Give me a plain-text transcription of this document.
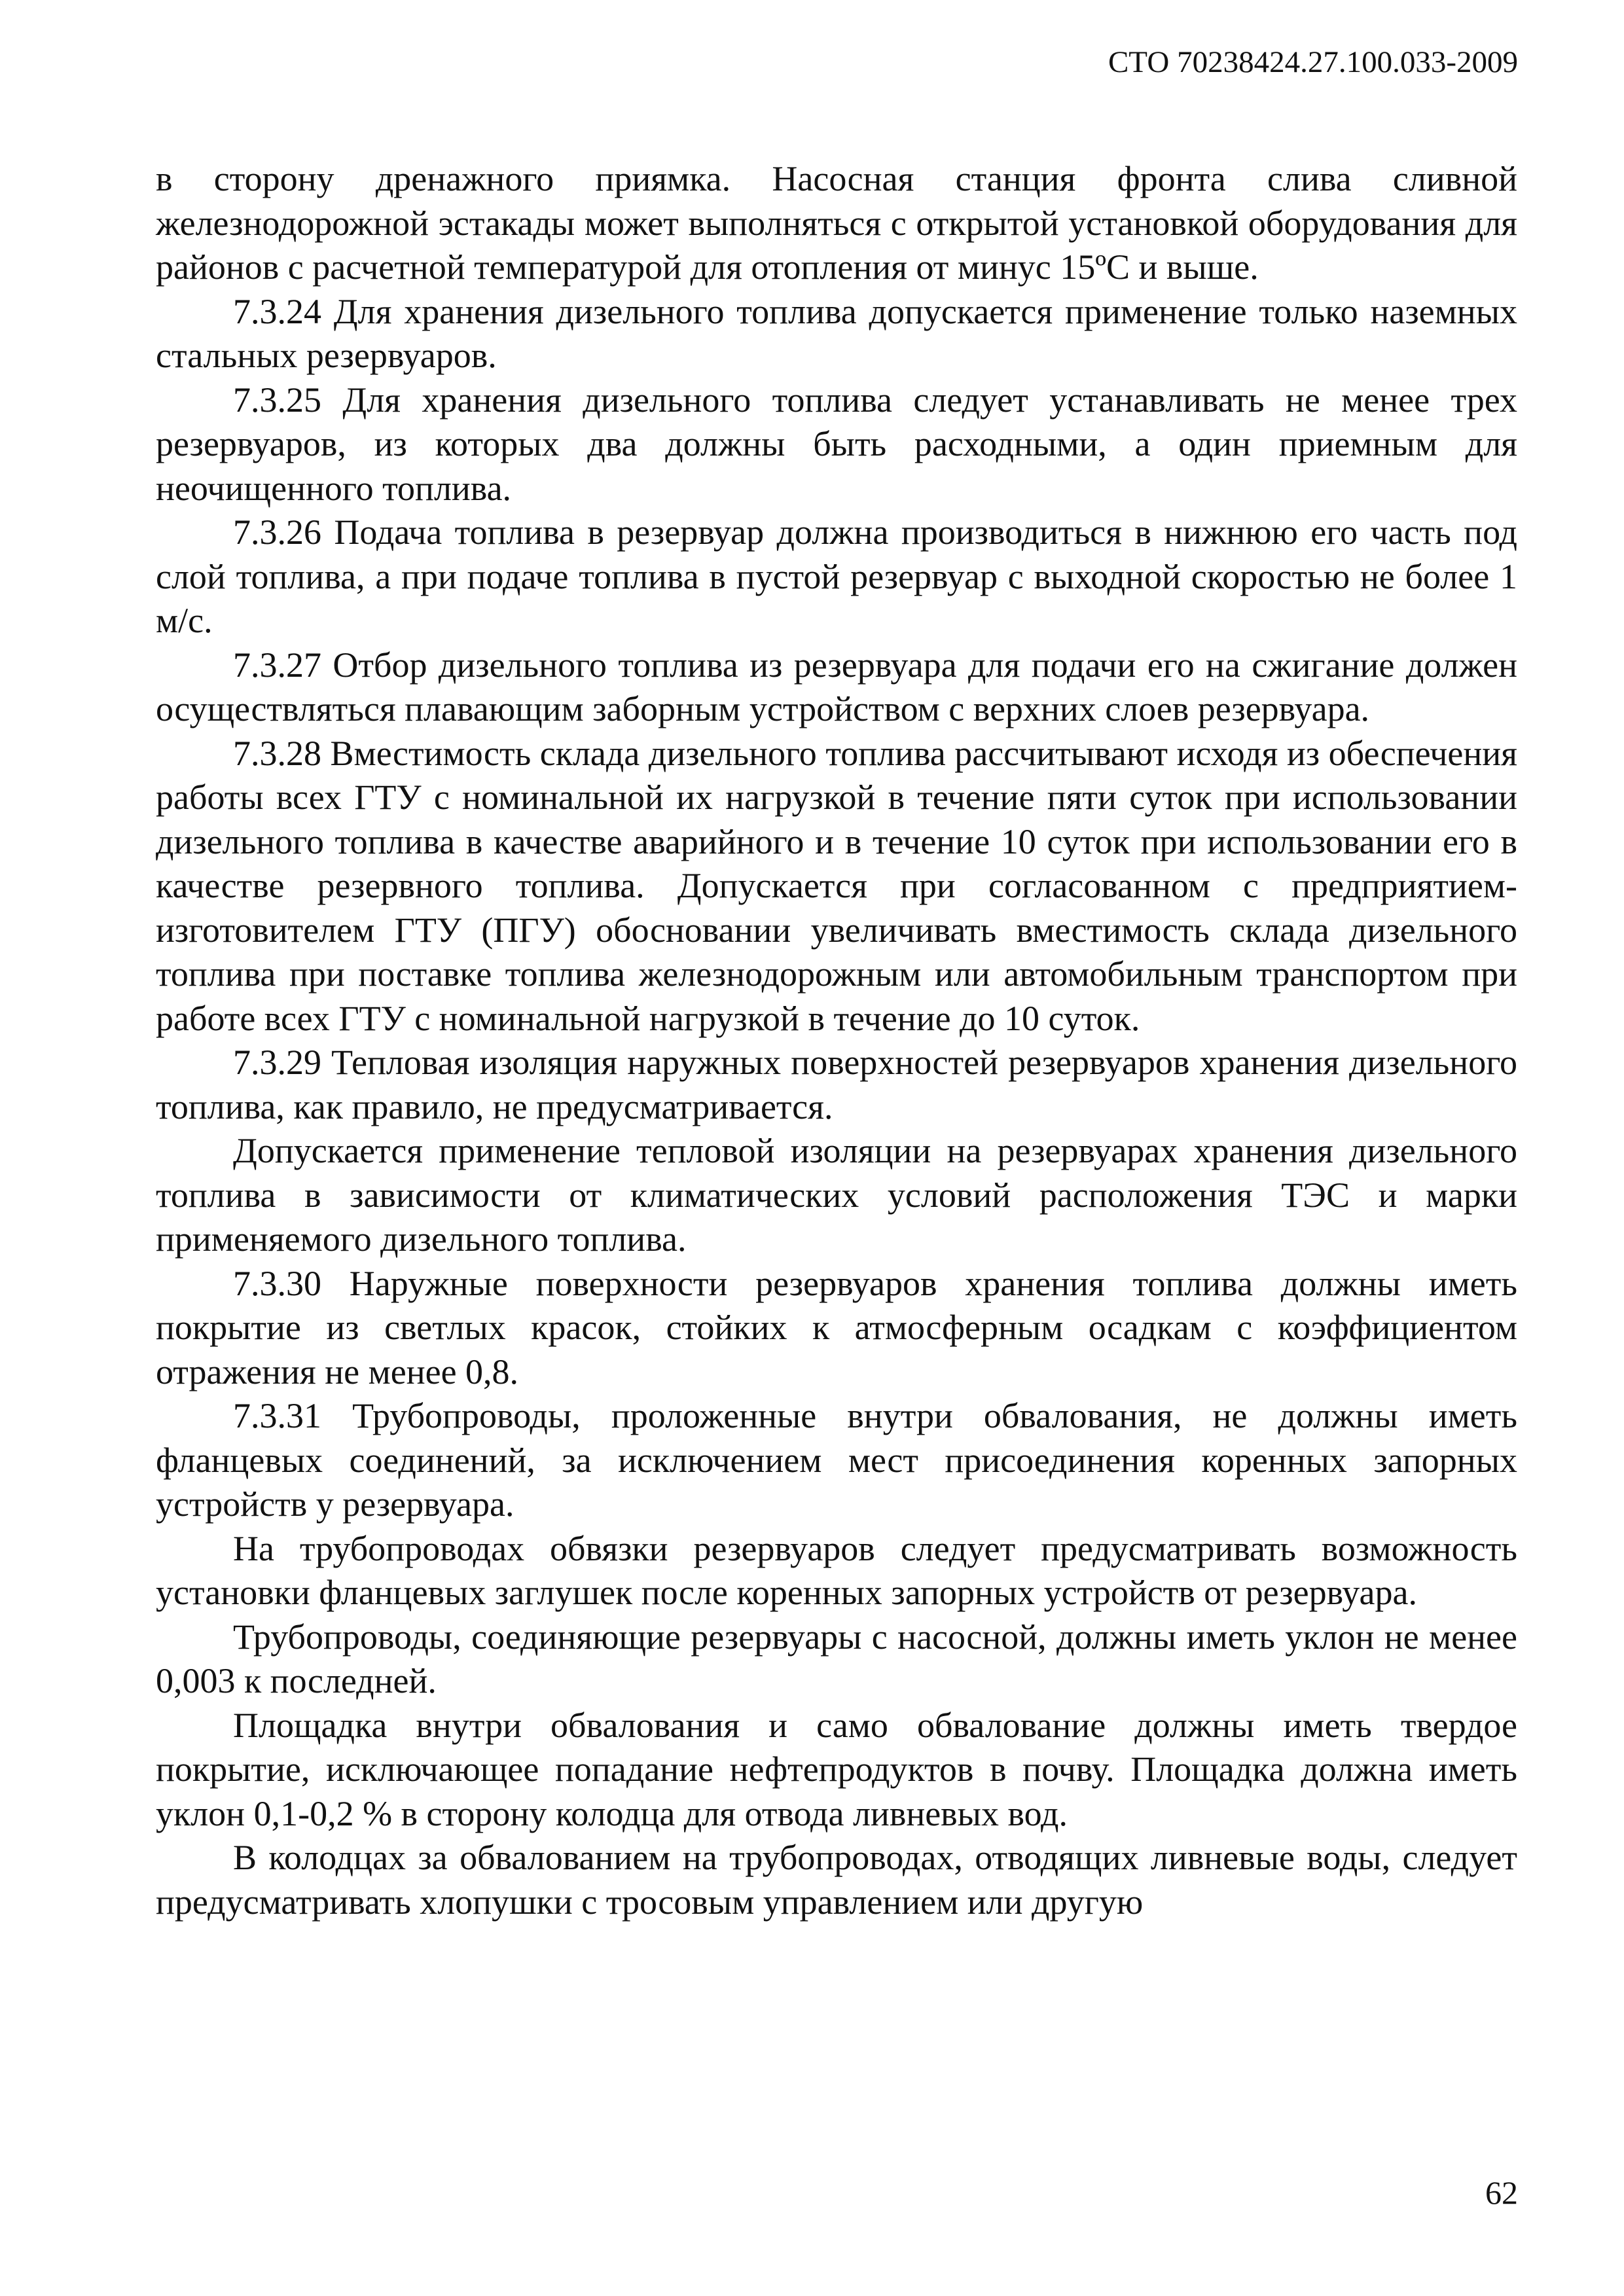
СТО 70238424.27.100.033-2009

в сторону дренажного приямка. Насосная станция фронта слива сливной железнодорожной эстакады может выполняться с открытой установкой оборудования для районов с расчетной температурой для отопления от минус 15ºС и выше.

7.3.24 Для хранения дизельного топлива допускается применение только наземных стальных резервуаров.

7.3.25 Для хранения дизельного топлива следует устанавливать не менее трех резервуаров, из которых два должны быть расходными, а один приемным для неочищенного топлива.

7.3.26 Подача топлива в резервуар должна производиться в нижнюю его часть под слой топлива, а при подаче топлива в пустой резервуар с выходной скоростью не более 1 м/с.

7.3.27 Отбор дизельного топлива из резервуара для подачи его на сжигание должен осуществляться плавающим заборным устройством с верхних слоев резервуара.

7.3.28 Вместимость склада дизельного топлива рассчитывают исходя из обеспечения работы всех ГТУ с номинальной их нагрузкой в течение пяти суток при использовании дизельного топлива в качестве аварийного и в течение 10 суток при использовании его в качестве резервного топлива. Допускается при согласованном с предприятием-изготовителем ГТУ (ПГУ) обосновании увеличивать вместимость склада дизельного топлива при поставке топлива железнодорожным или автомобильным транспортом при работе всех ГТУ с номинальной нагрузкой в течение до 10 суток.

7.3.29 Тепловая изоляция наружных поверхностей резервуаров хранения дизельного топлива, как правило, не предусматривается.

Допускается применение тепловой изоляции на резервуарах хранения дизельного топлива в зависимости от климатических условий расположения ТЭС и марки применяемого дизельного топлива.

7.3.30 Наружные поверхности резервуаров хранения топлива должны иметь покрытие из светлых красок, стойких к атмосферным осадкам с коэффициентом отражения не менее 0,8.

7.3.31 Трубопроводы, проложенные внутри обвалования, не должны иметь фланцевых соединений, за исключением мест присоединения коренных запорных устройств у резервуара.

На трубопроводах обвязки резервуаров следует предусматривать возможность установки фланцевых заглушек после коренных запорных устройств от резервуара.

Трубопроводы, соединяющие резервуары с насосной, должны иметь уклон не менее 0,003 к последней.

Площадка внутри обвалования и само обвалование должны иметь твердое покрытие, исключающее попадание нефтепродуктов в почву. Площадка должна иметь уклон 0,1-0,2 % в сторону колодца для отвода ливневых вод.

В колодцах за обвалованием на трубопроводах, отводящих ливневые воды, следует предусматривать хлопушки с тросовым управлением или другую

62
